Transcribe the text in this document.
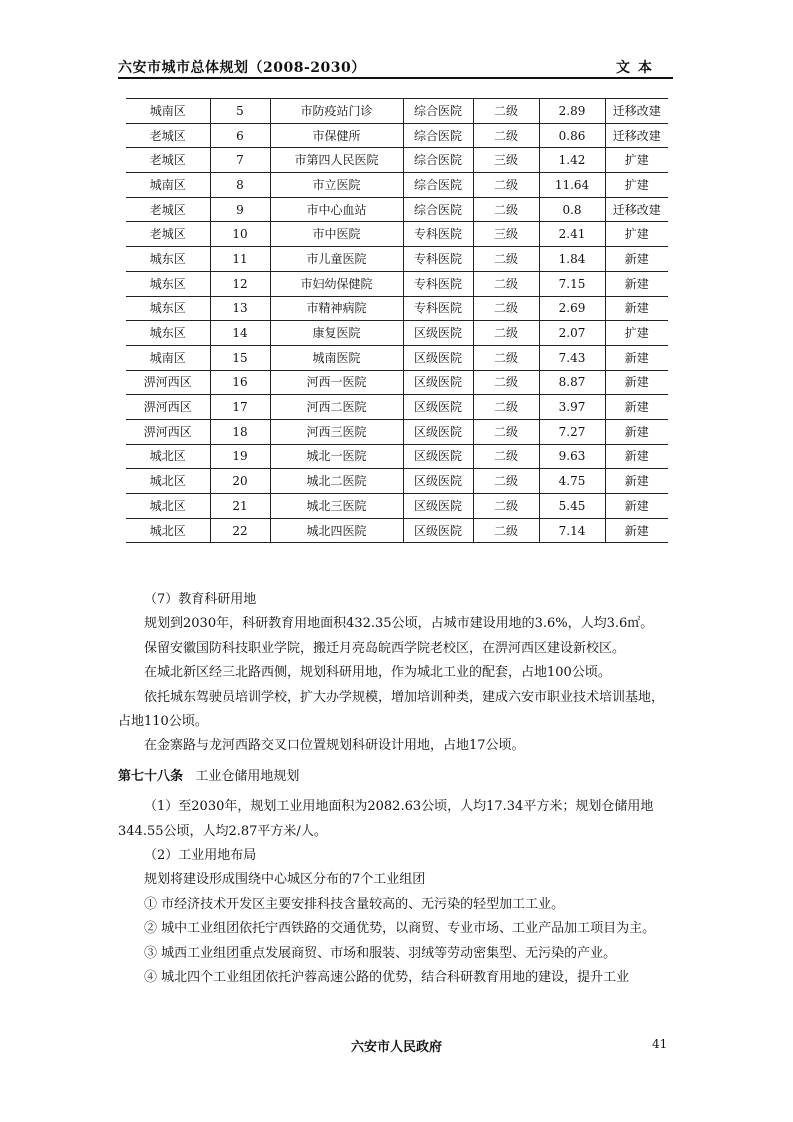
六安市城市总体规划（2008-2030）	文本
城南区	5	市防疫站门诊	综合医院	二级	2.89	迁移改建
老城区	6	市保健所	综合医院	二级	0.86	迁移改建
老城区	7	市第四人民医院	综合医院	三级	1.42	扩建
城南区	8	市立医院	综合医院	二级	11.64	扩建
老城区	9	市中心血站	综合医院	二级	0.8	迁移改建
老城区	10	市中医院	专科医院	三级	2.41	扩建
城东区	11	市儿童医院	专科医院	二级	1.84	新建
城东区	12	市妇幼保健院	专科医院	二级	7.15	新建
城东区	13	市精神病院	专科医院	二级	2.69	新建
城东区	14	康复医院	区级医院	二级	2.07	扩建
城南区	15	城南医院	区级医院	二级	7.43	新建
淠河西区	16	河西一医院	区级医院	二级	8.87	新建
淠河西区	17	河西二医院	区级医院	二级	3.97	新建
淠河西区	18	河西三医院	区级医院	二级	7.27	新建
城北区	19	城北一医院	区级医院	二级	9.63	新建
城北区	20	城北二医院	区级医院	二级	4.75	新建
城北区	21	城北三医院	区级医院	二级	5.45	新建
城北区	22	城北四医院	区级医院	二级	7.14	新建

（7）教育科研用地

规划到2030年，科研教育用地面积432.35公顷，占城市建设用地的3.6%，人均3.6㎡。

保留安徽国防科技职业学院，搬迁月亮岛皖西学院老校区，在淠河西区建设新校区。

在城北新区经三北路西侧，规划科研用地，作为城北工业的配套，占地100公顷。

依托城东驾驶员培训学校，扩大办学规模，增加培训种类，建成六安市职业技术培训基地，占地110公顷。

在金寨路与龙河西路交叉口位置规划科研设计用地，占地17公顷。

第七十八条 工业仓储用地规划

（1）至2030年，规划工业用地面积为2082.63公顷，人均17.34平方米；规划仓储用地344.55公顷，人均2.87平方米/人。

（2）工业用地布局

规划将建设形成围绕中心城区分布的7个工业组团

① 市经济技术开发区主要安排科技含量较高的、无污染的轻型加工工业。

② 城中工业组团依托宁西铁路的交通优势，以商贸、专业市场、工业产品加工项目为主。

③ 城西工业组团重点发展商贸、市场和服装、羽绒等劳动密集型、无污染的产业。

④ 城北四个工业组团依托沪蓉高速公路的优势，结合科研教育用地的建设，提升工业

六安市人民政府	41
